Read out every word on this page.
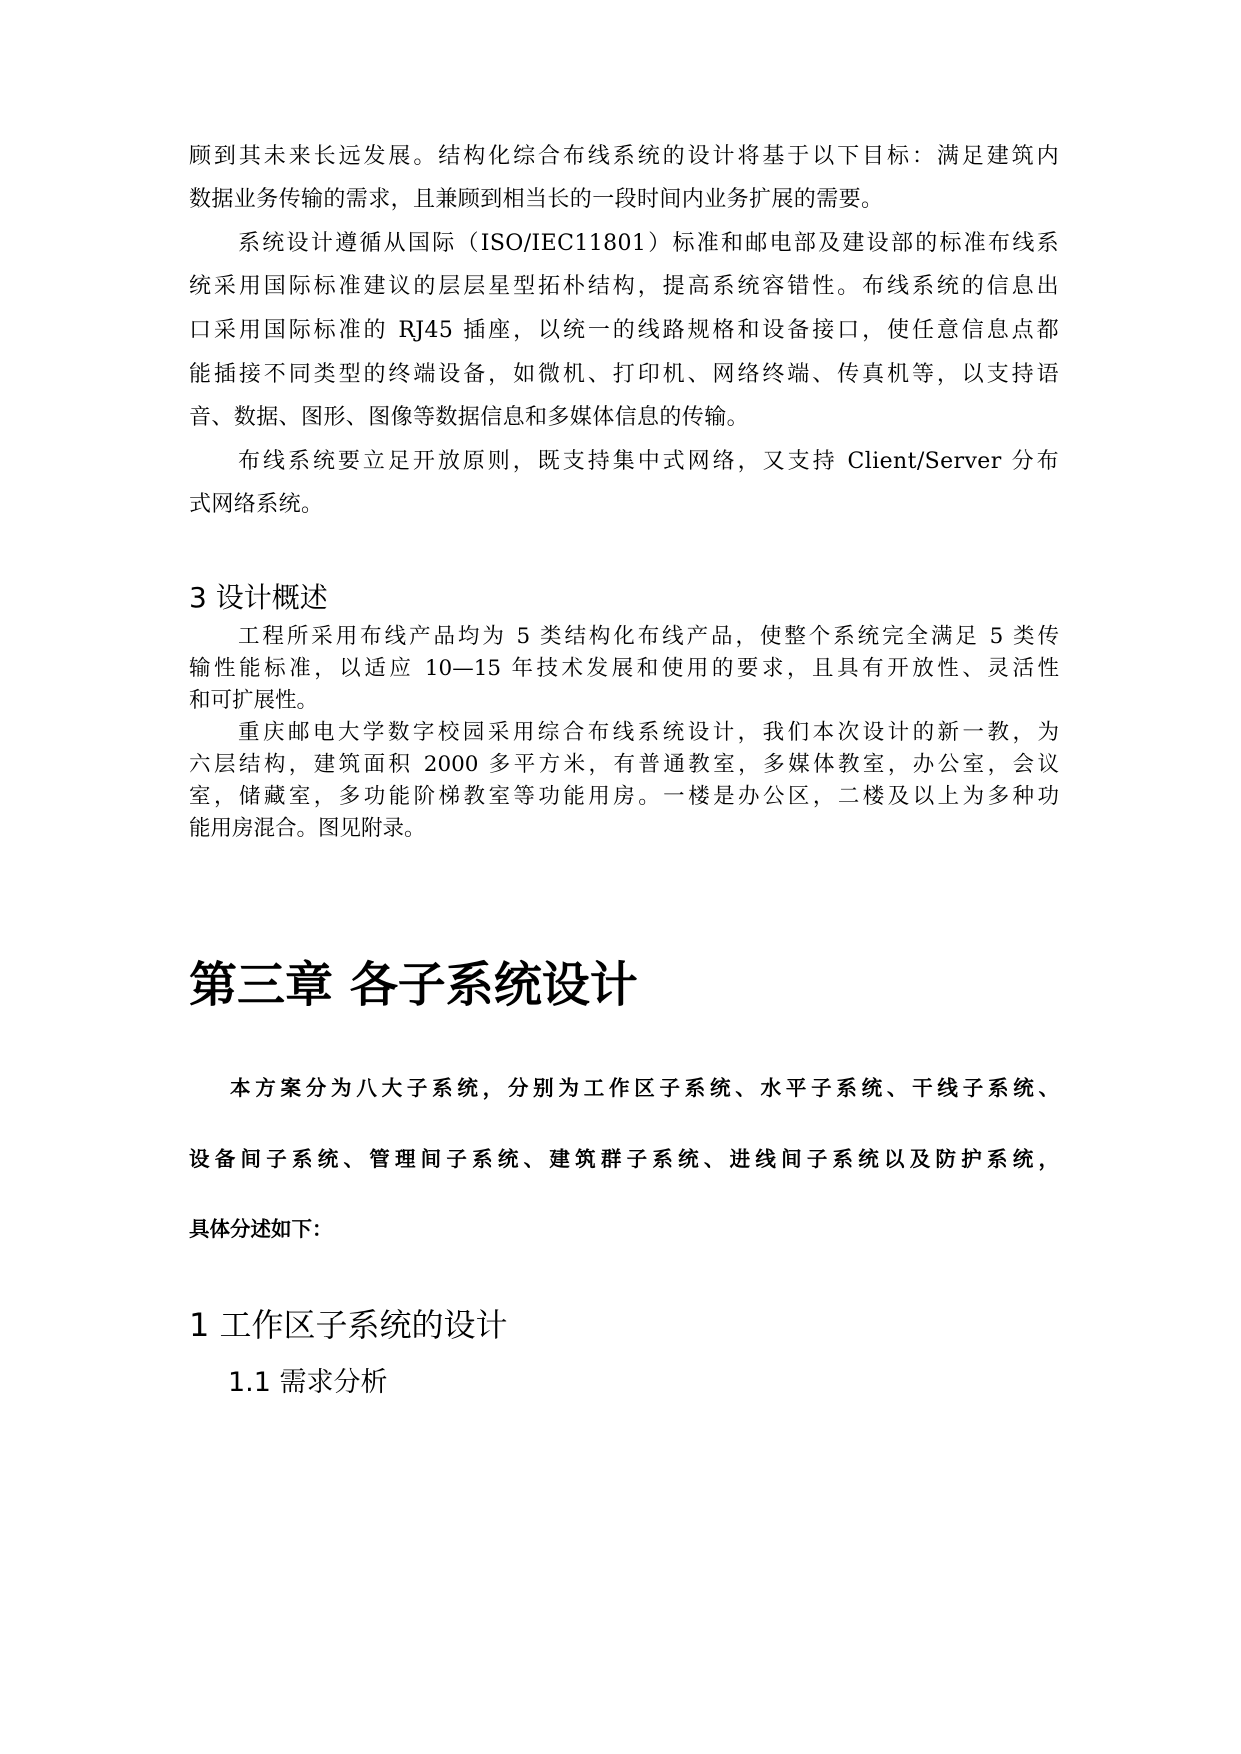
顾到其未来长远发展。结构化综合布线系统的设计将基于以下目标：满足建筑内
数据业务传输的需求，且兼顾到相当长的一段时间内业务扩展的需要。
系统设计遵循从国际（ISO/IEC11801）标准和邮电部及建设部的标准布线系
统采用国际标准建议的层层星型拓朴结构，提高系统容错性。布线系统的信息出
口采用国际标准的 RJ45 插座，以统一的线路规格和设备接口，使任意信息点都
能插接不同类型的终端设备，如微机、打印机、网络终端、传真机等，以支持语
音、数据、图形、图像等数据信息和多媒体信息的传输。
布线系统要立足开放原则，既支持集中式网络，又支持 Client/Server 分布
式网络系统。
3 设计概述
工程所采用布线产品均为 5 类结构化布线产品，使整个系统完全满足 5 类传
输性能标准，以适应 10—15 年技术发展和使用的要求，且具有开放性、灵活性
和可扩展性。
重庆邮电大学数字校园采用综合布线系统设计，我们本次设计的新一教，为
六层结构，建筑面积 2000 多平方米，有普通教室，多媒体教室，办公室，会议
室，储藏室，多功能阶梯教室等功能用房。一楼是办公区，二楼及以上为多种功
能用房混合。图见附录。
第三章 各子系统设计
本方案分为八大子系统，分别为工作区子系统、水平子系统、干线子系统、
设备间子系统、管理间子系统、建筑群子系统、进线间子系统以及防护系统，
具体分述如下：
1 工作区子系统的设计
1.1 需求分析
